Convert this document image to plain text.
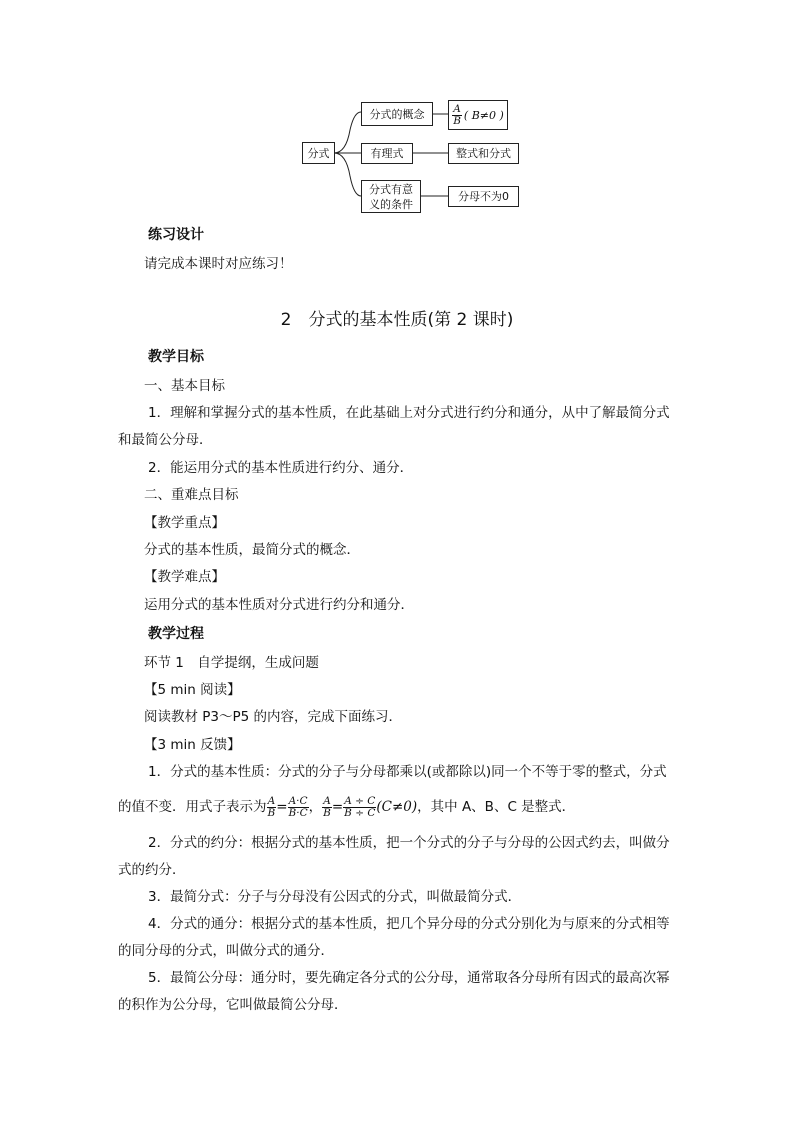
分式
分式的概念	$\frac{A}{B}$ ( B≠0 )
有理式	整式和分式
分式有意
义的条件
分母不为0
练习设计
请完成本课时对应练习！
2　分式的基本性质(第 2 课时)
教学目标
一、基本目标
1．理解和掌握分式的基本性质，在此基础上对分式进行约分和通分，从中了解最简分式
和最简公分母．
2．能运用分式的基本性质进行约分、通分．
二、重难点目标
【教学重点】
分式的基本性质，最简分式的概念．
【教学难点】
运用分式的基本性质对分式进行约分和通分．
教学过程
环节 1　自学提纲，生成问题
【5 min 阅读】
阅读教材 P3～P5 的内容，完成下面练习．
【3 min 反馈】
1．分式的基本性质：分式的分子与分母都乘以(或都除以)同一个不等于零的整式，分式
的值不变．用式子表示为 $\frac{A}{B} = \frac{A\cdot C}{B\cdot C}$ ， $\frac{A}{B} = \frac{A \div C}{B \div C} (C\ne 0)$，其中 A、B、C 是整式．
2．分式的约分：根据分式的基本性质，把一个分式的分子与分母的公因式约去，叫做分
式的约分．
3．最简分式：分子与分母没有公因式的分式，叫做最简分式．
4．分式的通分：根据分式的基本性质，把几个异分母的分式分别化为与原来的分式相等
的同分母的分式，叫做分式的通分．
5．最简公分母：通分时，要先确定各分式的公分母，通常取各分母所有因式的最高次幂
的积作为公分母，它叫做最简公分母．
